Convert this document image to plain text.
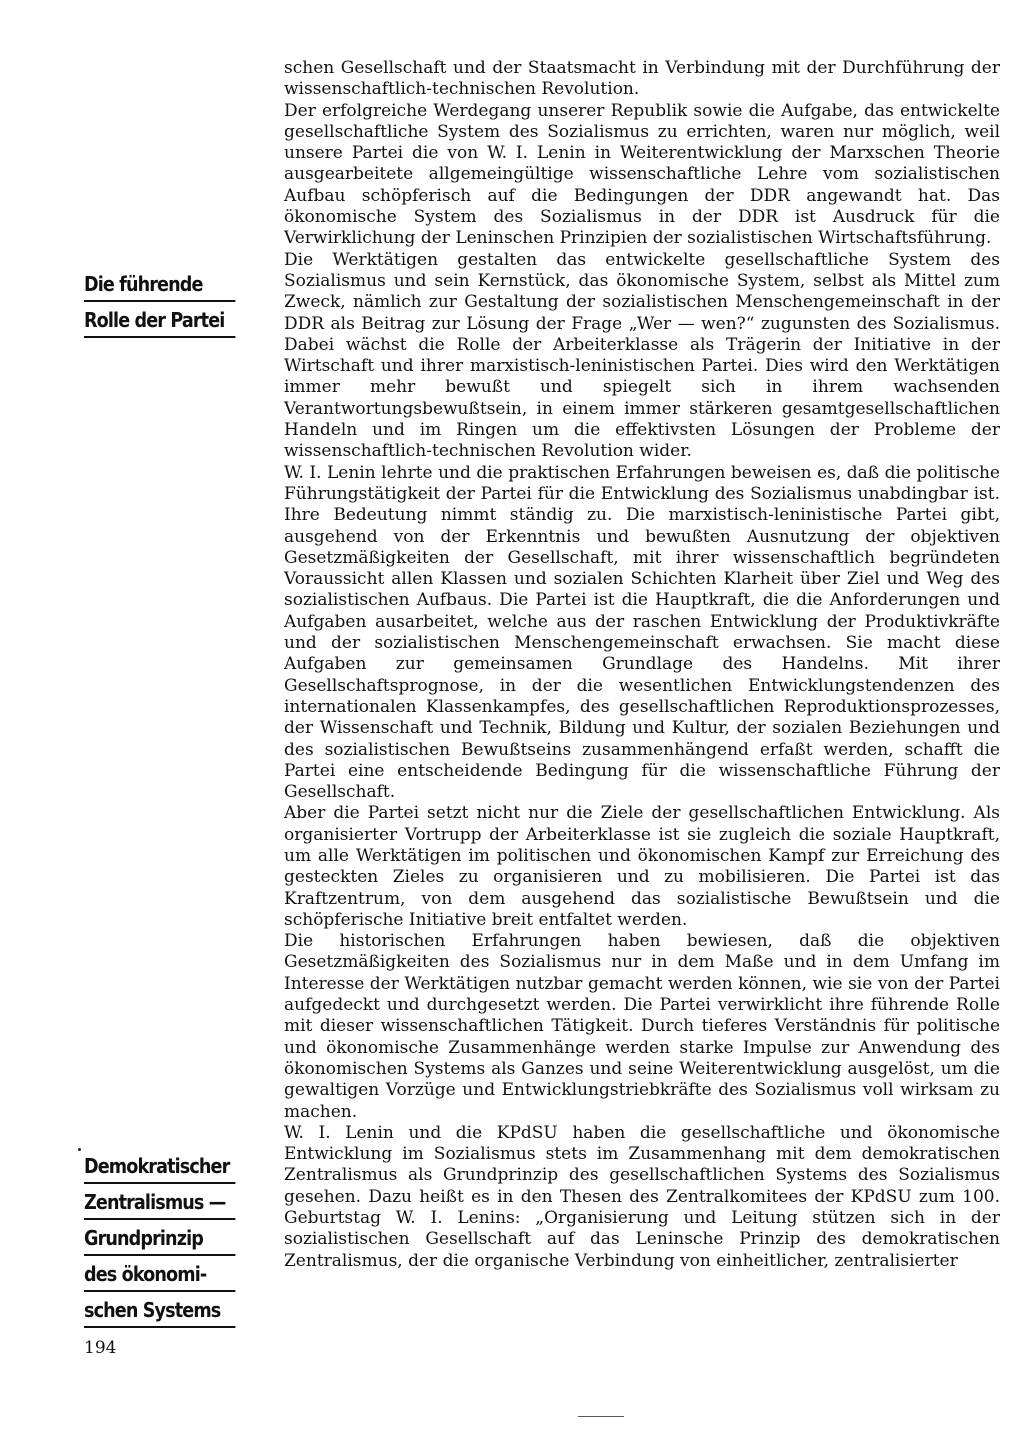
Die führende
Rolle der Partei
Demokratischer
Zentralismus —
Grundprinzip
des ökonomi-
schen Systems

schen Gesellschaft und der Staatsmacht in Verbindung mit der Durchführung der wissenschaftlich-technischen Revolution.

Der erfolgreiche Werdegang unserer Republik sowie die Aufgabe, das entwickelte gesellschaftliche System des Sozialismus zu errichten, waren nur möglich, weil unsere Partei die von W. I. Lenin in Weiterentwicklung der Marxschen Theorie ausgearbeitete allgemeingültige wissenschaftliche Lehre vom sozialistischen Aufbau schöpferisch auf die Bedingungen der DDR angewandt hat. Das ökonomische System des Sozialismus in der DDR ist Ausdruck für die Verwirklichung der Leninschen Prinzipien der sozialistischen Wirtschaftsführung.

Die Werktätigen gestalten das entwickelte gesellschaftliche System des Sozialismus und sein Kernstück, das ökonomische System, selbst als Mittel zum Zweck, nämlich zur Gestaltung der sozialistischen Menschengemeinschaft in der DDR als Beitrag zur Lösung der Frage „Wer — wen?“ zugunsten des Sozialismus. Dabei wächst die Rolle der Arbeiterklasse als Trägerin der Initiative in der Wirtschaft und ihrer marxistisch-leninistischen Partei. Dies wird den Werktätigen immer mehr bewußt und spiegelt sich in ihrem wachsenden Verantwortungsbewußtsein, in einem immer stärkeren gesamtgesellschaftlichen Handeln und im Ringen um die effektivsten Lösungen der Probleme der wissenschaftlich-technischen Revolution wider.

W. I. Lenin lehrte und die praktischen Erfahrungen beweisen es, daß die politische Führungstätigkeit der Partei für die Entwicklung des Sozialismus unabdingbar ist. Ihre Bedeutung nimmt ständig zu. Die marxistisch-leninistische Partei gibt, ausgehend von der Erkenntnis und bewußten Ausnutzung der objektiven Gesetzmäßigkeiten der Gesellschaft, mit ihrer wissenschaftlich begründeten Voraussicht allen Klassen und sozialen Schichten Klarheit über Ziel und Weg des sozialistischen Aufbaus. Die Partei ist die Hauptkraft, die die Anforderungen und Aufgaben ausarbeitet, welche aus der raschen Entwicklung der Produktivkräfte und der sozialistischen Menschengemeinschaft erwachsen. Sie macht diese Aufgaben zur gemeinsamen Grundlage des Handelns. Mit ihrer Gesellschaftsprognose, in der die wesentlichen Entwicklungstendenzen des internationalen Klassenkampfes, des gesellschaftlichen Reproduktionsprozesses, der Wissenschaft und Technik, Bildung und Kultur, der sozialen Beziehungen und des sozialistischen Bewußtseins zusammenhängend erfaßt werden, schafft die Partei eine entscheidende Bedingung für die wissenschaftliche Führung der Gesellschaft.

Aber die Partei setzt nicht nur die Ziele der gesellschaftlichen Entwicklung. Als organisierter Vortrupp der Arbeiterklasse ist sie zugleich die soziale Hauptkraft, um alle Werktätigen im politischen und ökonomischen Kampf zur Erreichung des gesteckten Zieles zu organisieren und zu mobilisieren. Die Partei ist das Kraftzentrum, von dem ausgehend das sozialistische Bewußtsein und die schöpferische Initiative breit entfaltet werden.

Die historischen Erfahrungen haben bewiesen, daß die objektiven Gesetzmäßigkeiten des Sozialismus nur in dem Maße und in dem Umfang im Interesse der Werktätigen nutzbar gemacht werden können, wie sie von der Partei aufgedeckt und durchgesetzt werden. Die Partei verwirklicht ihre führende Rolle mit dieser wissenschaftlichen Tätigkeit. Durch tieferes Verständnis für politische und ökonomische Zusammenhänge werden starke Impulse zur Anwendung des ökonomischen Systems als Ganzes und seine Weiterentwicklung ausgelöst, um die gewaltigen Vorzüge und Entwicklungstriebkräfte des Sozialismus voll wirksam zu machen.

W. I. Lenin und die KPdSU haben die gesellschaftliche und ökonomische Entwicklung im Sozialismus stets im Zusammenhang mit dem demokratischen Zentralismus als Grundprinzip des gesellschaftlichen Systems des Sozialismus gesehen. Dazu heißt es in den Thesen des Zentralkomitees der KPdSU zum 100. Geburtstag W. I. Lenins: „Organisierung und Leitung stützen sich in der sozialistischen Gesellschaft auf das Leninsche Prinzip des demokratischen Zentralismus, der die organische Verbindung von einheitlicher, zentralisierter

194
